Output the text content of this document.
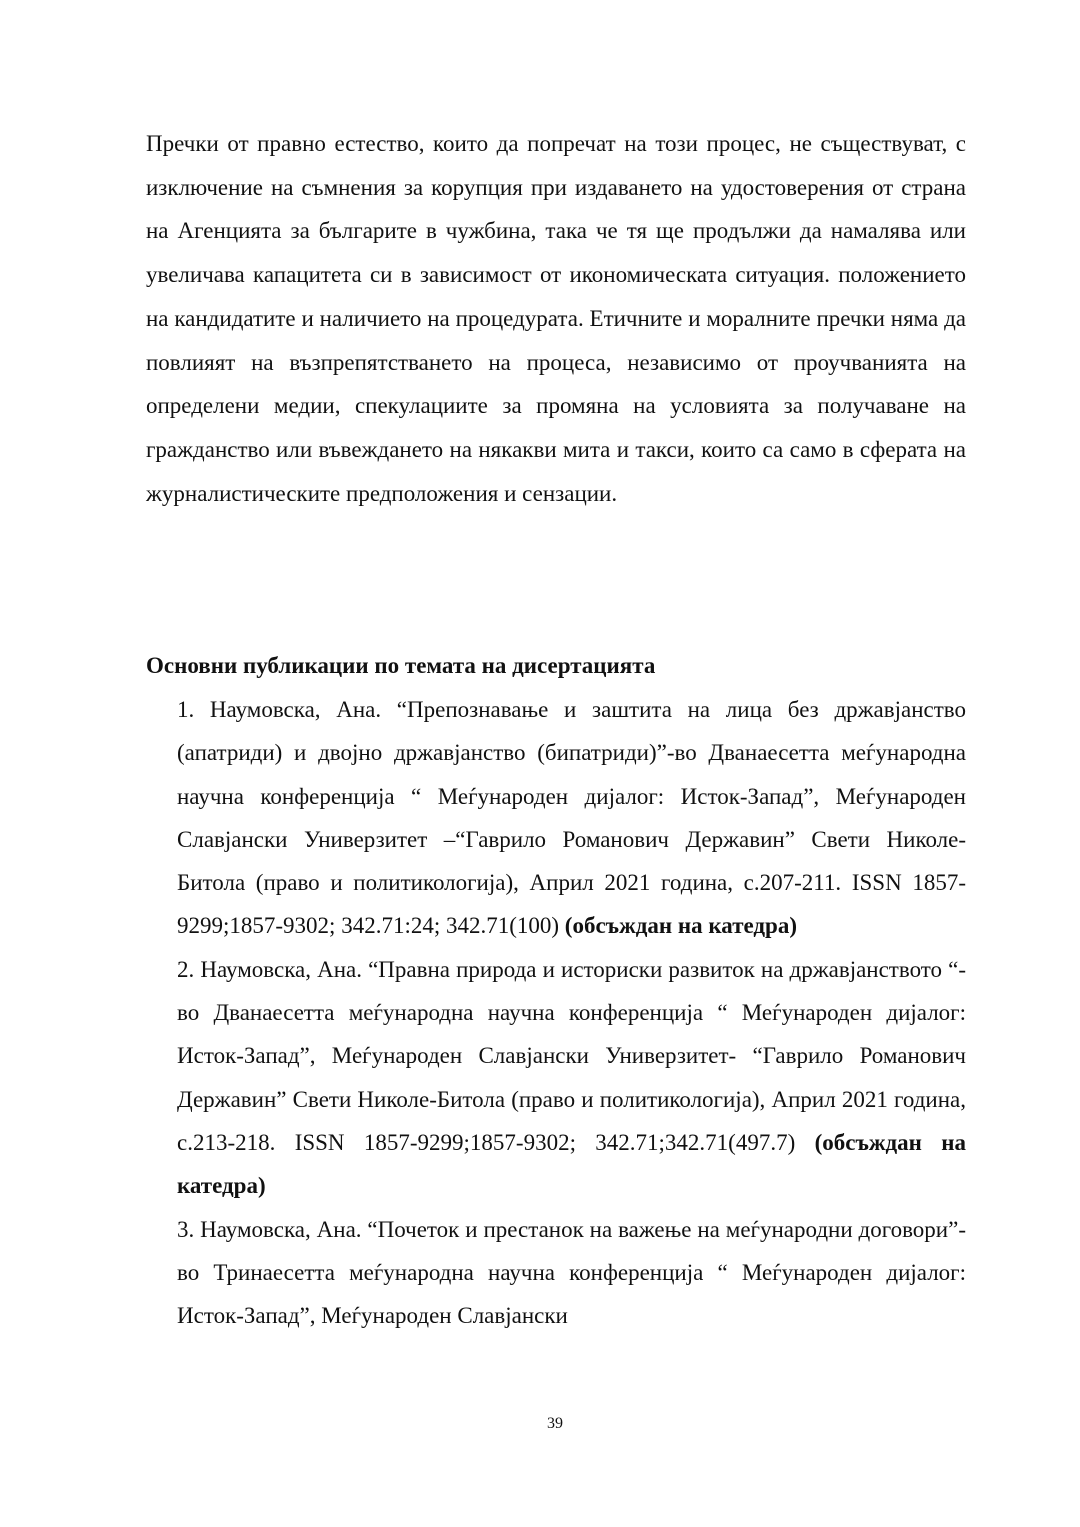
Пречки от правно естество, които да попречат на този процес, не съществуват, с изключение на съмнения за корупция при издаването на удостоверения от страна на Агенцията за българите в чужбина, така че тя ще продължи да намалява или увеличава капацитета си в зависимост от икономическата ситуация. положението на кандидатите и наличието на процедурата. Етичните и моралните пречки няма да повлияят на възпрепятстването на процеса, независимо от проучванията на определени медии, спекулациите за промяна на условията за получаване на гражданство или въвеждането на някакви мита и такси, които са само в сферата на журналистическите предположения и сензации.

Основни публикации по темата на дисертацията
1. Наумовска, Ана. “Препознавање и заштита на лица без државјанство (апатриди) и двојно државјанство (бипатриди)”-во Дванаесетта меѓународна научна конференција “ Меѓународен дијалог: Исток-Запад”, Меѓународен Славјански Универзитет –“Гаврило Романович Державин” Свети Николе-Битола (право и политикологија), Април 2021 година, с.207-211. ISSN 1857-9299;1857-9302; 342.71:24; 342.71(100) (обсъждан на катедра)
2. Наумовска, Ана. “Правна природа и историски развиток на државјанството “- во Дванаесетта меѓународна научна конференција “ Меѓународен дијалог: Исток-Запад”, Меѓународен Славјански Универзитет- “Гаврило Романович Державин” Свети Николе-Битола (право и политикологија), Април 2021 година, с.213-218. ISSN 1857-9299;1857-9302; 342.71;342.71(497.7) (обсъждан на катедра)
3. Наумовска, Ана. “Почеток и престанок на важење на меѓународни договори”- во Тринаесетта меѓународна научна конференција “ Меѓународен дијалог: Исток-Запад”, Меѓународен Славјански
39
